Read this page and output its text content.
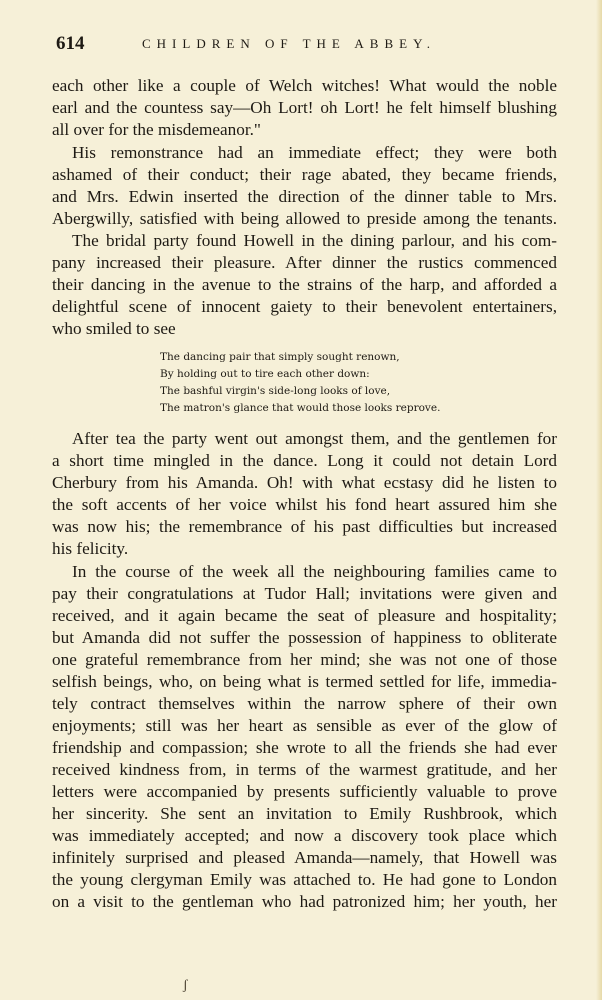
614	CHILDREN OF THE ABBEY.
each other like a couple of Welch witches! What would the noble
earl and the countess say—Oh Lort! oh Lort! he felt himself blushing
all over for the misdemeanor."
His remonstrance had an immediate effect; they were both
ashamed of their conduct; their rage abated, they became friends,
and Mrs. Edwin inserted the direction of the dinner table to Mrs.
Abergwilly, satisfied with being allowed to preside among the tenants.
The bridal party found Howell in the dining parlour, and his com-
pany increased their pleasure. After dinner the rustics commenced
their dancing in the avenue to the strains of the harp, and afforded a
delightful scene of innocent gaiety to their benevolent entertainers,
who smiled to see
The dancing pair that simply sought renown,
By holding out to tire each other down:
The bashful virgin's side-long looks of love,
The matron's glance that would those looks reprove.
After tea the party went out amongst them, and the gentlemen for
a short time mingled in the dance. Long it could not detain Lord
Cherbury from his Amanda. Oh! with what ecstasy did he listen to
the soft accents of her voice whilst his fond heart assured him she
was now his; the remembrance of his past difficulties but increased
his felicity.
In the course of the week all the neighbouring families came to
pay their congratulations at Tudor Hall; invitations were given and
received, and it again became the seat of pleasure and hospitality;
but Amanda did not suffer the possession of happiness to obliterate
one grateful remembrance from her mind; she was not one of those
selfish beings, who, on being what is termed settled for life, immedia-
tely contract themselves within the narrow sphere of their own
enjoyments; still was her heart as sensible as ever of the glow of
friendship and compassion; she wrote to all the friends she had ever
received kindness from, in terms of the warmest gratitude, and her
letters were accompanied by presents sufficiently valuable to prove
her sincerity. She sent an invitation to Emily Rushbrook, which
was immediately accepted; and now a discovery took place which
infinitely surprised and pleased Amanda—namely, that Howell was
the young clergyman Emily was attached to. He had gone to London
on a visit to the gentleman who had patronized him; her youth, her
ʃ
